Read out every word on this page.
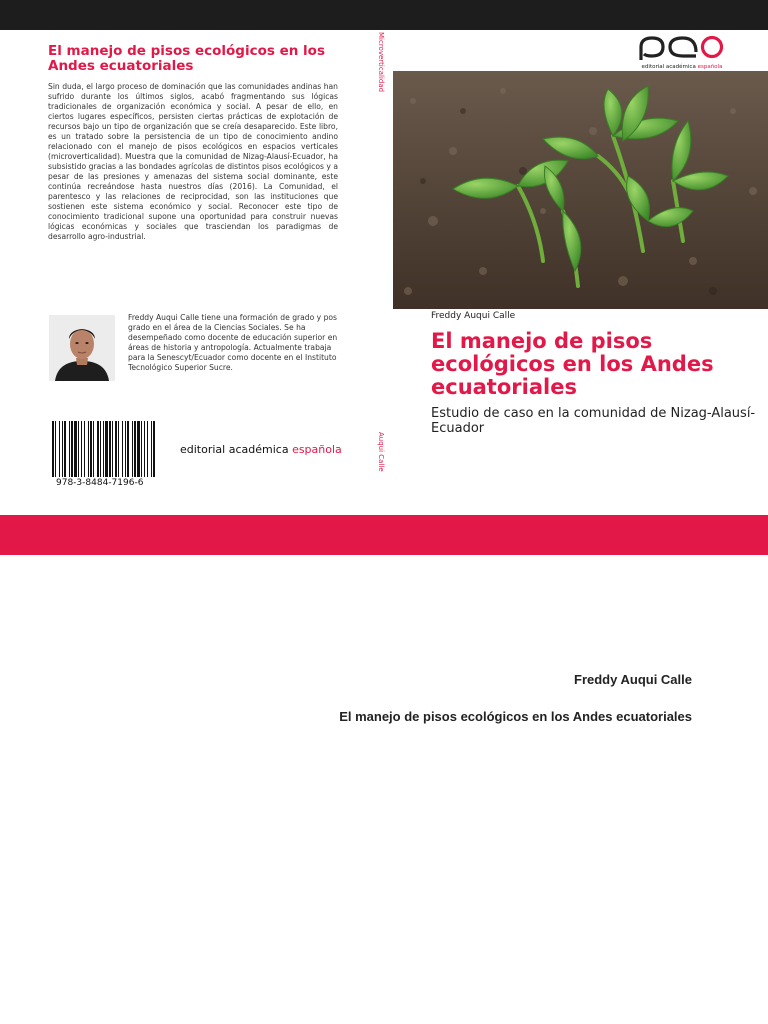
El manejo de pisos ecológicos en los Andes ecuatoriales

Sin duda, el largo proceso de dominación que las comunidades andinas han sufrido durante los últimos siglos, acabó fragmentando sus lógicas tradicionales de organización económica y social. A pesar de ello, en ciertos lugares específicos, persisten ciertas prácticas de explotación de recursos bajo un tipo de organización que se creía desaparecido. Este libro, es un tratado sobre la persistencia de un tipo de conocimiento andino relacionado con el manejo de pisos ecológicos en espacios verticales (microverticalidad). Muestra que la comunidad de Nizag-Alausí-Ecuador, ha subsistido gracias a las bondades agrícolas de distintos pisos ecológicos y a pesar de las presiones y amenazas del sistema social dominante, este continúa recreándose hasta nuestros días (2016). La Comunidad, el parentesco y las relaciones de reciprocidad, son las instituciones que sostienen este sistema económico y social. Reconocer este tipo de conocimiento tradicional supone una oportunidad para construir nuevas lógicas económicas y sociales que trasciendan los paradigmas de desarrollo agro-industrial.

Freddy Auqui Calle tiene una formación de grado y pos grado en el área de la Ciencias Sociales. Se ha desempeñado como docente de educación superior en áreas de historia y antropología. Actualmente trabaja para la Senescyt/Ecuador como docente en el Instituto Tecnológico Superior Sucre.

978-3-8484-7196-6
editorial académica española
Microverticalidad
Auqui Calle
editorial académica española
Freddy Auqui Calle
El manejo de pisos ecológicos en los Andes ecuatoriales

Estudio de caso en la comunidad de Nizag-Alausí-Ecuador

Freddy Auqui Calle
El manejo de pisos ecológicos en los Andes ecuatoriales
